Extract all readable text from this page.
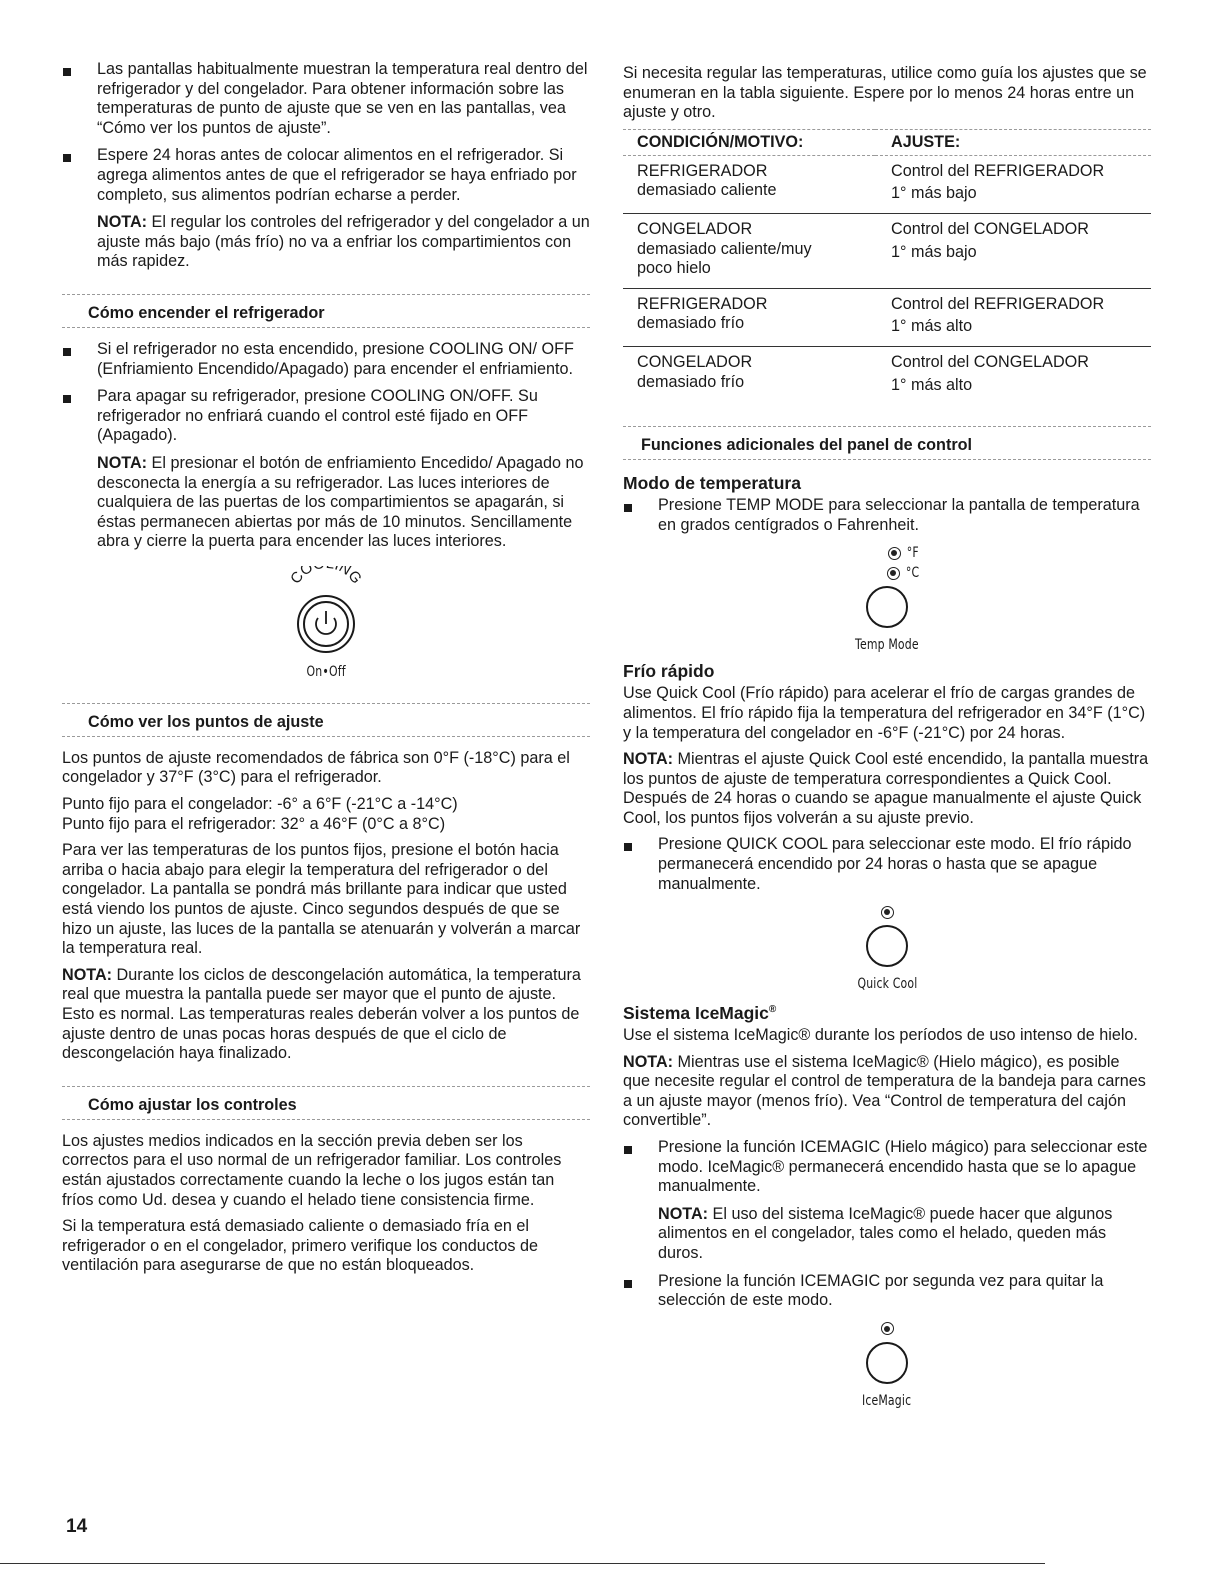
Las pantallas habitualmente muestran la temperatura real dentro del refrigerador y del congelador. Para obtener información sobre las temperaturas de punto de ajuste que se ven en las pantallas, vea “Cómo ver los puntos de ajuste”.
Espere 24 horas antes de colocar alimentos en el refrigerador. Si agrega alimentos antes de que el refrigerador se haya enfriado por completo, sus alimentos podrían echarse a perder.
NOTA: El regular los controles del refrigerador y del congelador a un ajuste más bajo (más frío) no va a enfriar los compartimientos con más rapidez.
Cómo encender el refrigerador
Si el refrigerador no esta encendido, presione COOLING ON/ OFF (Enfriamiento Encendido/Apagado) para encender el enfriamiento.
Para apagar su refrigerador, presione COOLING ON/OFF. Su refrigerador no enfriará cuando el control esté fijado en OFF (Apagado).
NOTA: El presionar el botón de enfriamiento Encedido/ Apagado no desconecta la energía a su refrigerador. Las luces interiores de cualquiera de las puertas de los compartimientos se apagarán, si éstas permanecen abiertas por más de 10 minutos. Sencillamente abra y cierre la puerta para encender las luces interiores.
CO NG
On•Off
Cómo ver los puntos de ajuste
Los puntos de ajuste recomendados de fábrica son 0°F (-18°C) para el congelador y 37°F (3°C) para el refrigerador.
Punto fijo para el congelador: -6° a 6°F (-21°C a -14°C)
Punto fijo para el refrigerador: 32° a 46°F (0°C a 8°C)
Para ver las temperaturas de los puntos fijos, presione el botón hacia arriba o hacia abajo para elegir la temperatura del refrigerador o del congelador. La pantalla se pondrá más brillante para indicar que usted está viendo los puntos de ajuste. Cinco segundos después de que se hizo un ajuste, las luces de la pantalla se atenuarán y volverán a marcar la temperatura real.
NOTA: Durante los ciclos de descongelación automática, la temperatura real que muestra la pantalla puede ser mayor que el punto de ajuste. Esto es normal. Las temperaturas reales deberán volver a los puntos de ajuste dentro de unas pocas horas después de que el ciclo de descongelación haya finalizado.
Cómo ajustar los controles
Los ajustes medios indicados en la sección previa deben ser los correctos para el uso normal de un refrigerador familiar. Los controles están ajustados correctamente cuando la leche o los jugos están tan fríos como Ud. desea y cuando el helado tiene consistencia firme.
Si la temperatura está demasiado caliente o demasiado fría en el refrigerador o en el congelador, primero verifique los conductos de ventilación para asegurarse de que no están bloqueados.
Si necesita regular las temperaturas, utilice como guía los ajustes que se enumeran en la tabla siguiente. Espere por lo menos 24 horas entre un ajuste y otro.
CONDICIÓN/MOTIVO:	AJUSTE:
REFRIGERADOR
demasiado caliente	Control del REFRIGERADOR
1° más bajo

CONGELADOR
demasiado caliente/muy
poco hielo	Control del CONGELADOR
1° más bajo

REFRIGERADOR
demasiado frío	Control del REFRIGERADOR
1° más alto

CONGELADOR
demasiado frío	Control del CONGELADOR
1° más alto
Funciones adicionales del panel de control
Modo de temperatura
Presione TEMP MODE para seleccionar la pantalla de temperatura en grados centígrados o Fahrenheit.
°F
°C
Temp Mode
Frío rápido
Use Quick Cool (Frío rápido) para acelerar el frío de cargas grandes de alimentos. El frío rápido fija la temperatura del refrigerador en 34°F (1°C) y la temperatura del congelador en -6°F (-21°C) por 24 horas.
NOTA: Mientras el ajuste Quick Cool esté encendido, la pantalla muestra los puntos de ajuste de temperatura correspondientes a Quick Cool. Después de 24 horas o cuando se apague manualmente el ajuste Quick Cool, los puntos fijos volverán a su ajuste previo.
Presione QUICK COOL para seleccionar este modo. El frío rápido permanecerá encendido por 24 horas o hasta que se apague manualmente.
Quick Cool
Sistema IceMagic®
Use el sistema IceMagic® durante los períodos de uso intenso de hielo.
NOTA: Mientras use el sistema IceMagic® (Hielo mágico), es posible que necesite regular el control de temperatura de la bandeja para carnes a un ajuste mayor (menos frío). Vea “Control de temperatura del cajón convertible”.
Presione la función ICEMAGIC (Hielo mágico) para seleccionar este modo. IceMagic® permanecerá encendido hasta que se lo apague manualmente.
NOTA: El uso del sistema IceMagic® puede hacer que algunos alimentos en el congelador, tales como el helado, queden más duros.
Presione la función ICEMAGIC por segunda vez para quitar la selección de este modo.
IceMagic
14
